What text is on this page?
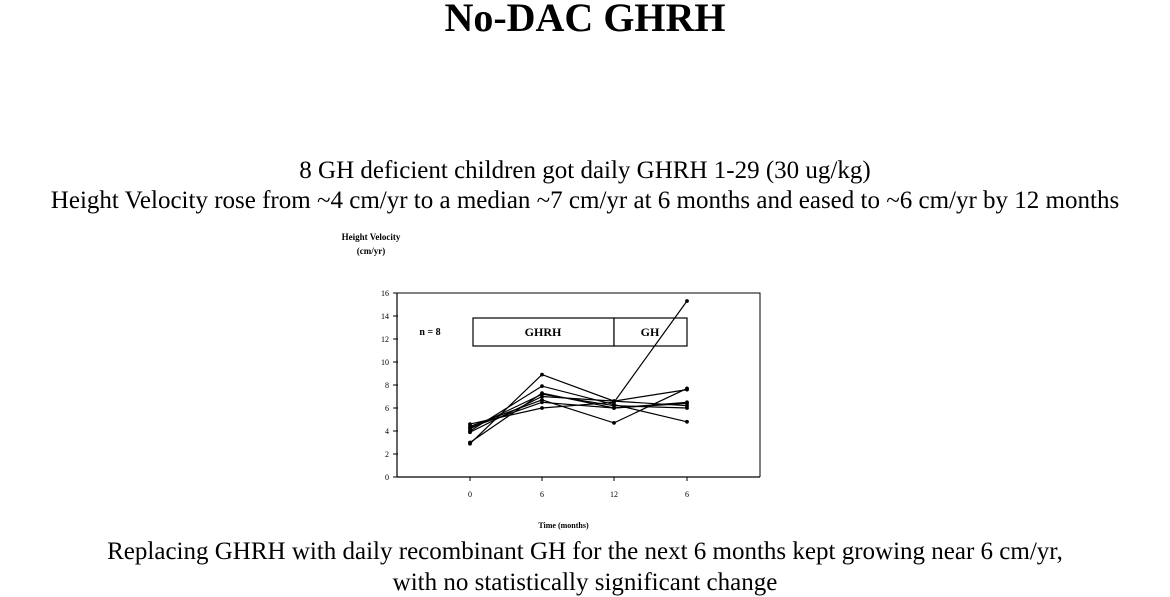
No-DAC GHRH
8 GH deficient children got daily GHRH 1-29 (30 ug/kg)
Height Velocity rose from ~4 cm/yr to a median ~7 cm/yr at 6 months and eased to ~6 cm/yr by 12 months
Height Velocity
(cm/yr)
0
2
4
6
8
10
12
14
16
0	6	12	6
Time (months)
n = 8	GHRH	GH
Replacing GHRH with daily recombinant GH for the next 6 months kept growing near 6 cm/yr,
with no statistically significant change
